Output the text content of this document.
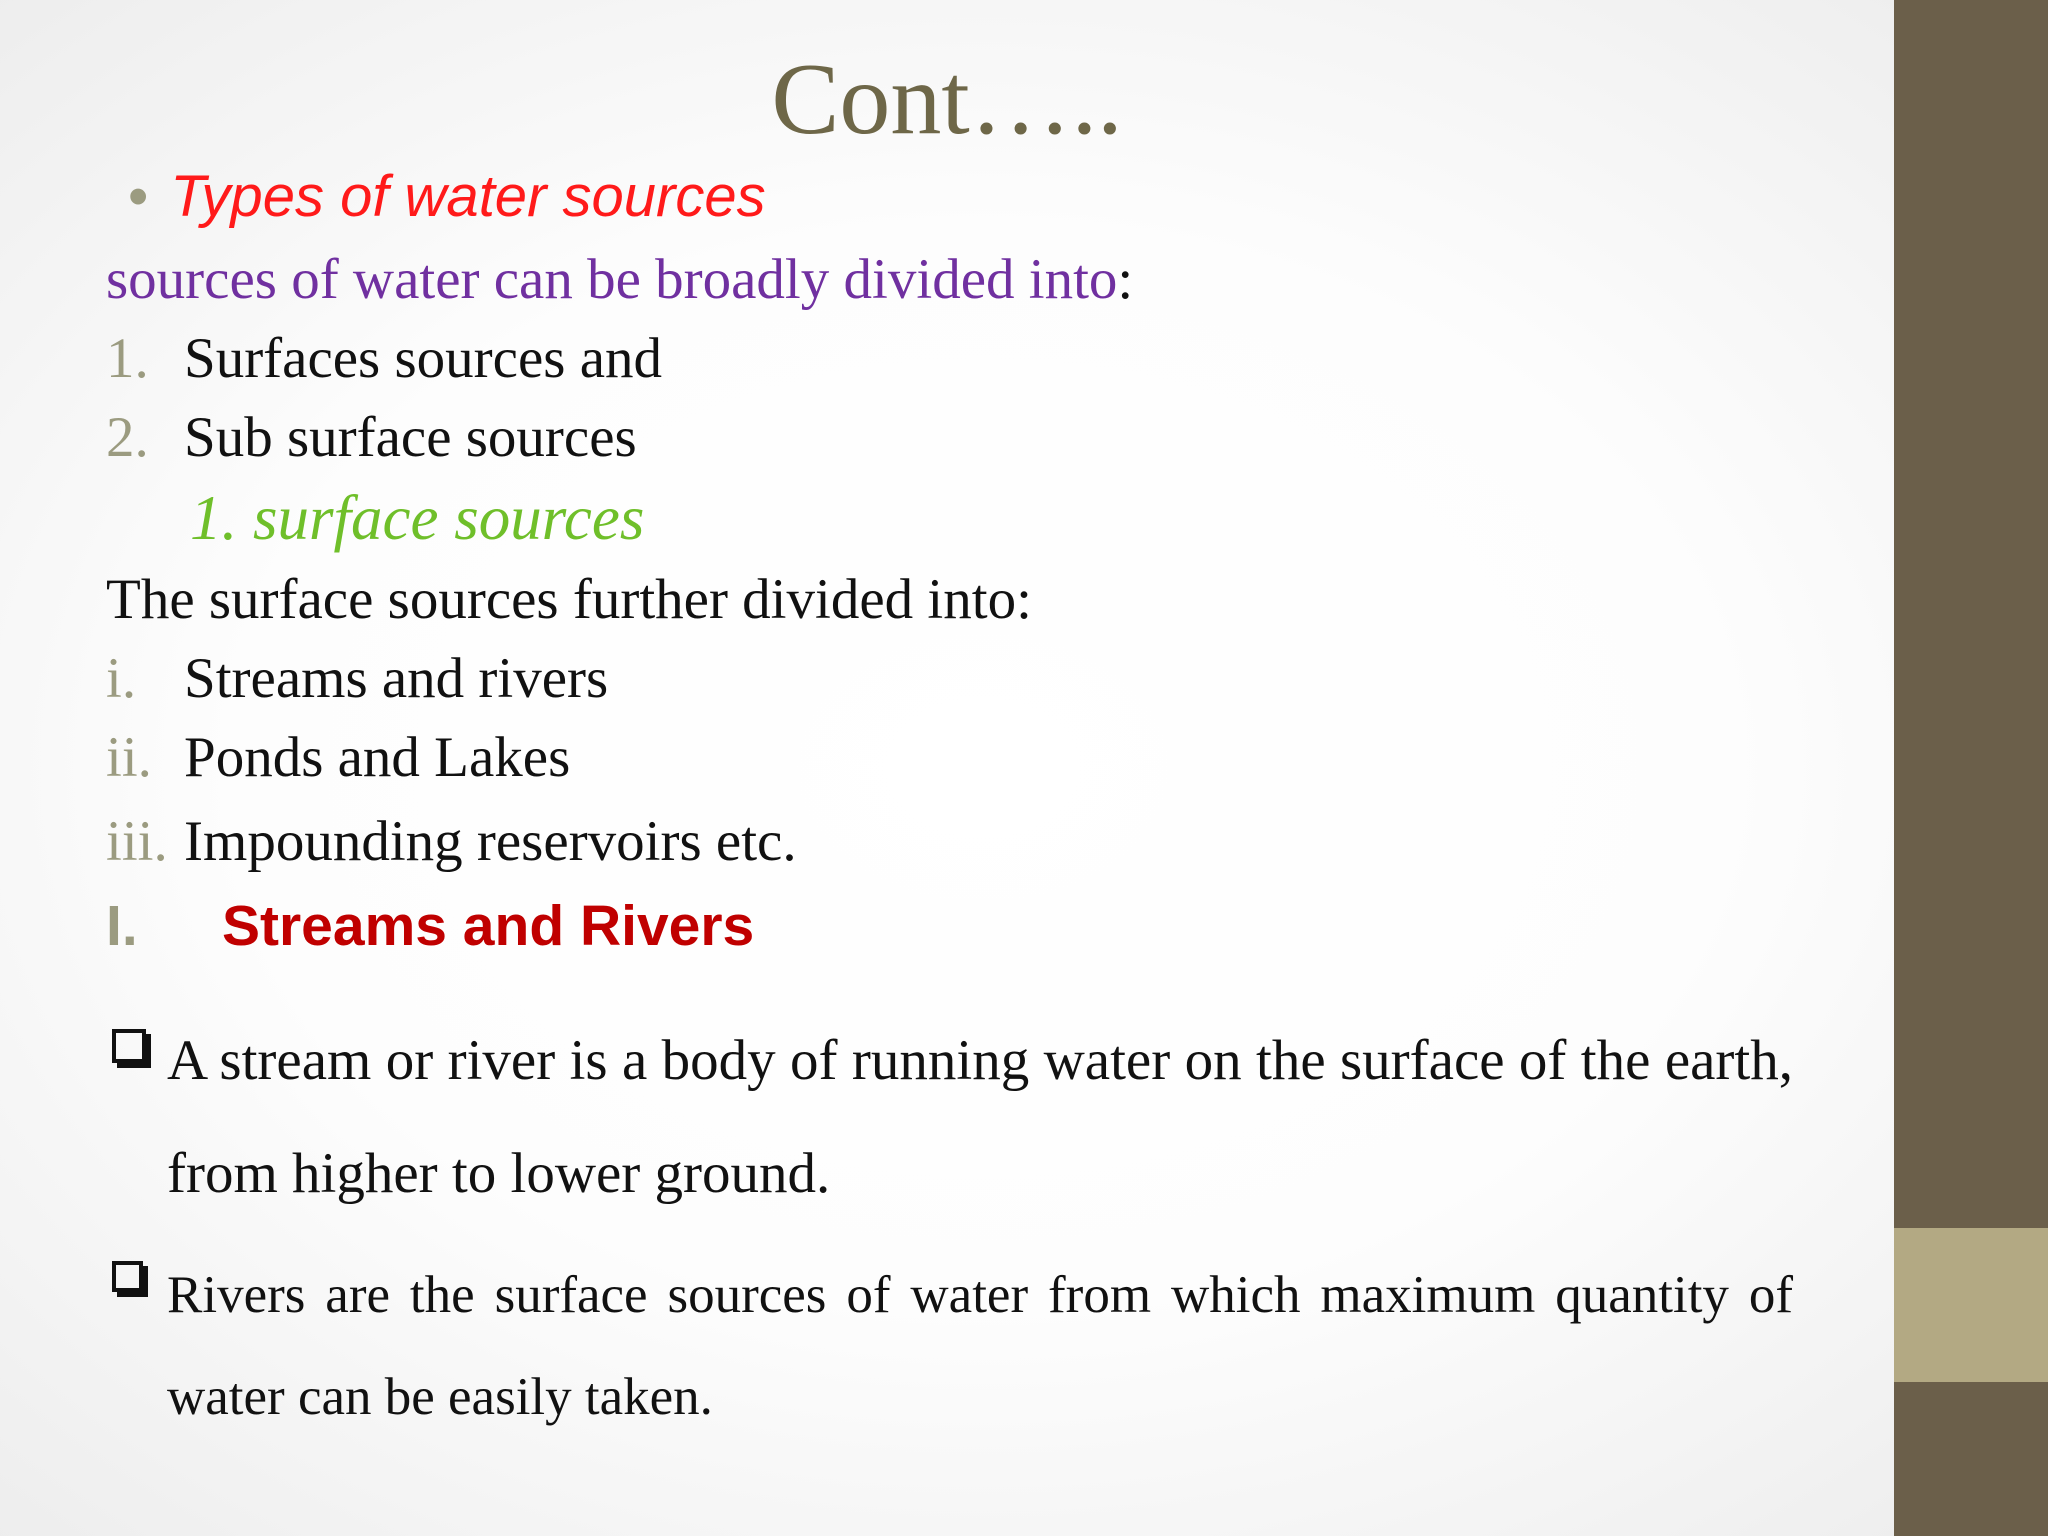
Cont…..
• Types of water sources
sources of water can be broadly divided into:
1. Surfaces sources and
2. Sub surface sources
1. surface sources
The surface sources further divided into:
i. Streams and rivers
ii. Ponds and Lakes
iii. Impounding reservoirs etc.
I. Streams and Rivers

A stream or river is a body of running water on the surface of the earth, from higher to lower ground.

Rivers are the surface sources of water from which maximum quantity of water can be easily taken.
